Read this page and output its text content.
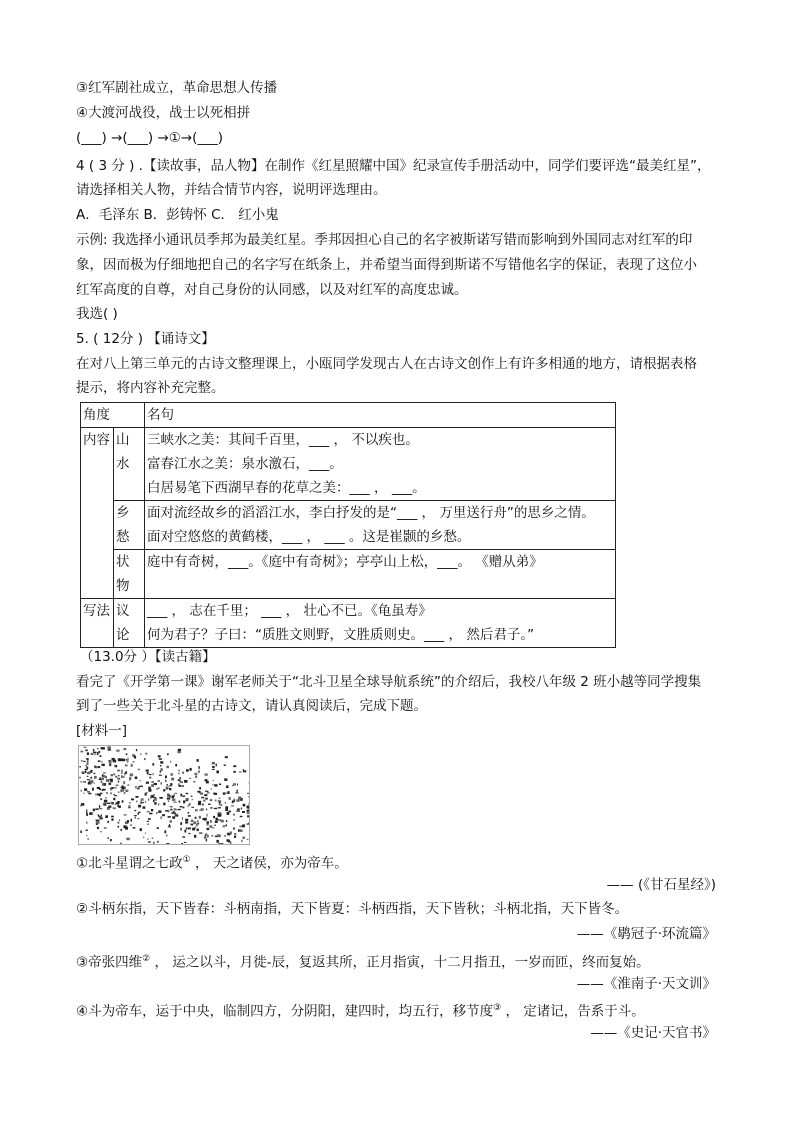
③红军剧社成立，革命思想人传播
④大渡河战役，战士以死相拼
(___) →(___) →①→(___)
4 ( 3 分 ) .【读故事，品人物】在制作《红星照耀中国》纪录宣传手册活动中，同学们要评选“最美红星”，
请选择相关人物，并结合情节内容，说明评选理由。
A．毛泽东 B．彭铸怀 C． 红小鬼
示例: 我选择小通讯员季邦为最美红星。季邦因担心自己的名字被斯诺写错而影响到外国同志对红军的印
象，因而极为仔细地把自己的名字写在纸条上，并希望当面得到斯诺不写错他名字的保证，表现了这位小
红军高度的自尊，对自己身份的认同感，以及对红军的高度忠诚。
我选( )
5. ( 12分 ) 【诵诗文】
在对八上第三单元的古诗文整理课上，小瓯同学发现古人在古诗文创作上有许多相通的地方，请根据表格
提示，将内容补充完整。
角度		名句
内容	山水	三峡水之美：其间千百里，___ ， 不以疾也。
富春江水之美：泉水激石，___。
白居易笔下西湖早春的花草之美：___ ， ___。

	乡愁	面对流经故乡的滔滔江水，李白抒发的是“___ ， 万里送行舟”的思乡之情。
面对空悠悠的黄鹤楼，___ ， ___ 。这是崔颢的乡愁。

	状物	庭中有奇树，___。《庭中有奇树》；亭亭山上松，___。 《赠从弟》

写法	议论	___ ， 志在千里； ___ ， 壮心不已。《龟虽寿》
何为君子？子曰：“质胜文则野，文胜质则史。___ ， 然后君子。”
（13.0分 ）【读古籍】
看完了《开学第一课》谢军老师关于“北斗卫星全球导航系统”的介绍后，我校八年级 2 班小越等同学搜集
到了一些关于北斗星的古诗文，请认真阅读后，完成下题。
[材料一]
①北斗星谓之七政① ， 天之诸侯，亦为帝车。
—— (《甘石星经》)
②斗柄东指，天下皆春：斗柄南指，天下皆夏：斗柄西指，天下皆秋；斗柄北指，天下皆冬。
——《鹖冠子·环流篇》
③帝张四维② ， 运之以斗，月徙-辰，复返其所，正月指寅，十二月指丑，一岁而匝，终而复始。
——《淮南子·天文训》
④斗为帝车，运于中央，临制四方，分阴阳，建四时，均五行，移节度③ ， 定诸记，告系于斗。
——《史记·天官书》
